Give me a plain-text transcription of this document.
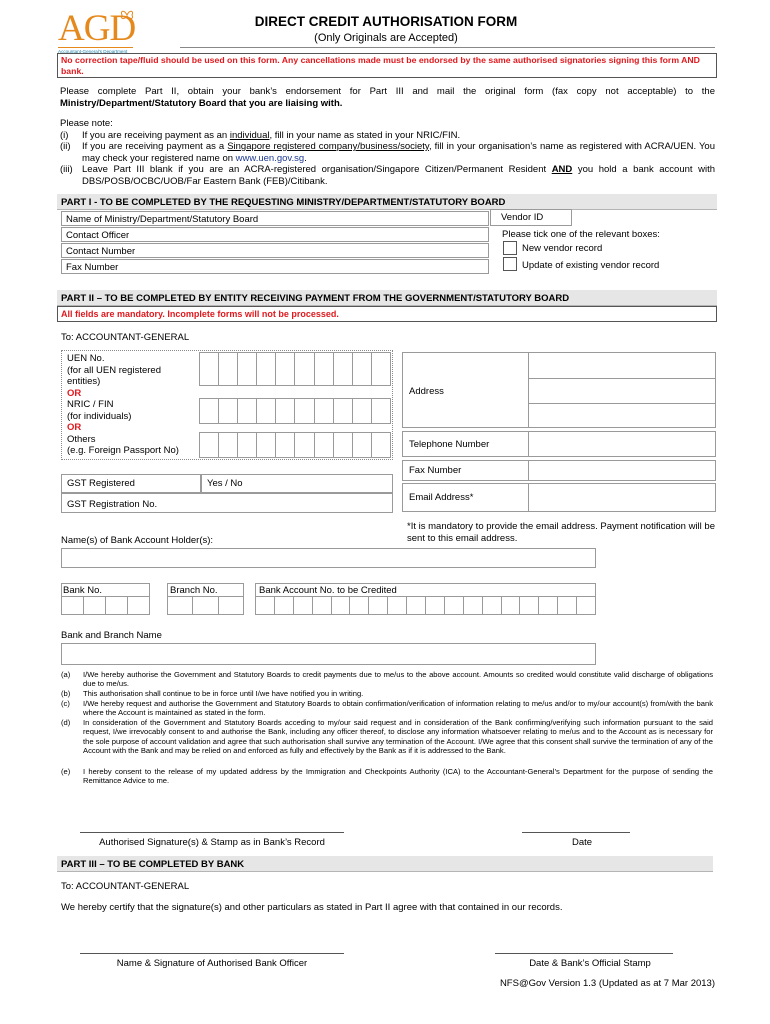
AGD
Accountant-General's Department
DIRECT CREDIT AUTHORISATION FORM
(Only Originals are Accepted)
No correction tape/fluid should be used on this form. Any cancellations made must be endorsed by the same authorised signatories signing this form AND bank.
Please complete Part II, obtain your bank’s endorsement for Part III and mail the original form (fax copy not acceptable) to the Ministry/Department/Statutory Board that you are liaising with.
Please note:
(i) If you are receiving payment as an individual, fill in your name as stated in your NRIC/FIN.
(ii) If you are receiving payment as a Singapore registered company/business/society, fill in your organisation’s name as registered with ACRA/UEN. You may check your registered name on www.uen.gov.sg.
(iii) Leave Part III blank if you are an ACRA-registered organisation/Singapore Citizen/Permanent Resident AND you hold a bank account with DBS/POSB/OCBC/UOB/Far Eastern Bank (FEB)/Citibank.
PART I - TO BE COMPLETED BY THE REQUESTING MINISTRY/DEPARTMENT/STATUTORY BOARD
Name of Ministry/Department/Statutory Board
Contact Officer
Contact Number
Fax Number
Vendor ID
Please tick one of the relevant boxes:
New vendor record
Update of existing vendor record
PART II – TO BE COMPLETED BY ENTITY RECEIVING PAYMENT FROM THE GOVERNMENT/STATUTORY BOARD
All fields are mandatory. Incomplete forms will not be processed.
To: ACCOUNTANT-GENERAL
UEN No.
(for all UEN registered
entities)
OR
NRIC / FIN
(for individuals)
OR
Others
(e.g. Foreign Passport No)
GST Registered	Yes / No
GST Registration No.
Address
Telephone Number
Fax Number
Email Address*
*It is mandatory to provide the email address. Payment notification will be sent to this email address.
Name(s) of Bank Account Holder(s):
Bank No.	Branch No.	Bank Account No. to be Credited
Bank and Branch Name
(a) I/We hereby authorise the Government and Statutory Boards to credit payments due to me/us to the above account. Amounts so credited would constitute valid discharge of obligations due to me/us.
(b) This authorisation shall continue to be in force until I/we have notified you in writing.
(c) I/We hereby request and authorise the Government and Statutory Boards to obtain confirmation/verification of information relating to me/us and/or to my/our account(s) from/with the bank where the Account is maintained as stated in the form.
(d) In consideration of the Government and Statutory Boards acceding to my/our said request and in consideration of the Bank confirming/verifying such information pursuant to the said request, I/we irrevocably consent to and authorise the Bank, including any officer thereof, to disclose any information whatsoever relating to me/us and to the Account as is necessary for the sole purpose of account validation and agree that such authorisation shall survive any termination of the Account. I/We agree that this consent shall survive the termination of any of the Account with the Bank and may be relied on and enforced as fully and effectively by the Bank as if it is addressed to the Bank.
(e) I hereby consent to the release of my updated address by the Immigration and Checkpoints Authority (ICA) to the Accountant-General’s Department for the purpose of sending the Remittance Advice to me.
Authorised Signature(s) & Stamp as in Bank’s Record	Date
PART III – TO BE COMPLETED BY BANK
To: ACCOUNTANT-GENERAL
We hereby certify that the signature(s) and other particulars as stated in Part II agree with that contained in our records.
Name & Signature of Authorised Bank Officer	Date & Bank’s Official Stamp
NFS@Gov Version 1.3 (Updated as at 7 Mar 2013)
